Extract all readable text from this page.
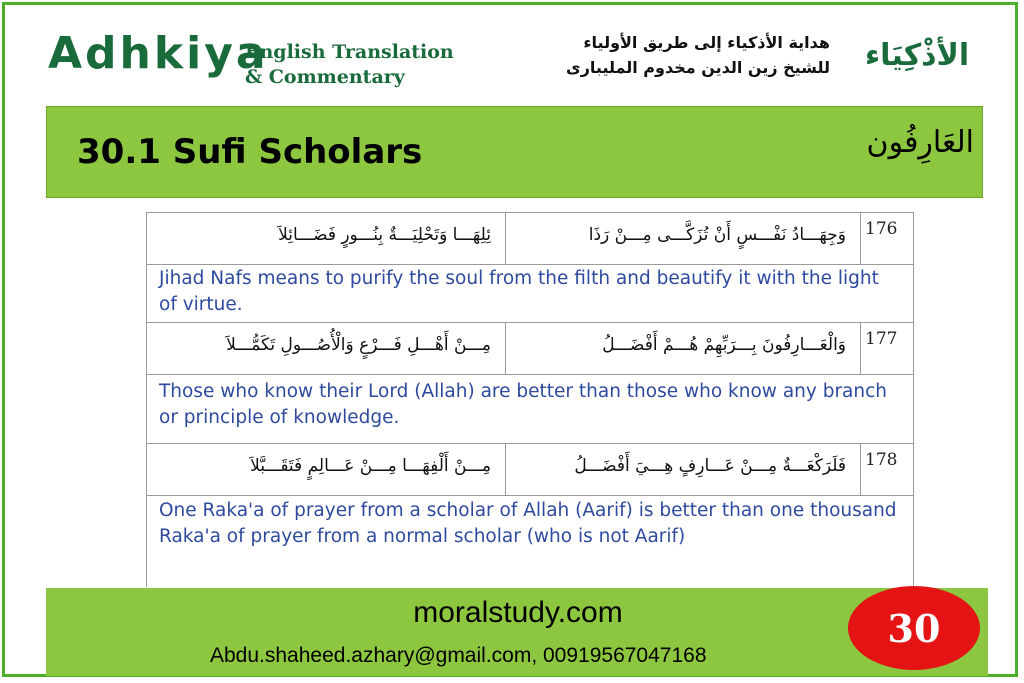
Adhkiya
English Translation & Commentary
هداية الأذكياء إلى طريق الأولياء
للشيخ زين الدين مخدوم المليبارى	الأذْكِيَاء
30.1 Sufi Scholars	العَارِفُون
176
وَجِهَـــادُ نَفْـــسٍ أَنْ تُزَكَّـــى مِـــنْ رَذَا
ئِلِهَـــا وَتَحْلِيَـــةٌ بِنُـــورٍ فَضَـــائِلاَ
Jihad Nafs means to purify the soul from the filth and beautify it with the light of virtue.
177
وَالْعَـــارِفُونَ بِـــرَبِّهِمْ هُـــمْ أَفْضَـــلُ
مِـــنْ أَهْـــلِ فَـــرْعٍ وَالْأُصُـــولِ تَكَمُّـــلاَ
Those who know their Lord (Allah) are better than those who know any branch or principle of knowledge.
178
فَلَرَكْعَـــةٌ مِـــنْ عَـــارِفٍ هِـــيَ أَفْضَـــلُ
مِـــنْ أَلْفِهَـــا مِـــنْ عَـــالِمٍ فَتَقَـــبَّلاَ
One Raka'a of prayer from a scholar of Allah (Aarif) is better than one thousand Raka'a of prayer from a normal scholar (who is not Aarif)
moralstudy.com
Abdu.shaheed.azhary@gmail.com, 00919567047168
30
